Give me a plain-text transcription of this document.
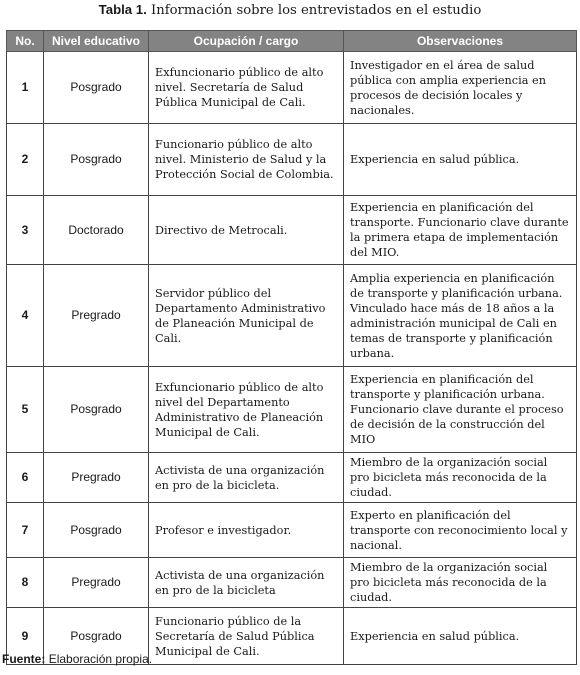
Tabla 1. Información sobre los entrevistados en el estudio
No.	Nivel educativo	Ocupación / cargo	Observaciones
1	Posgrado	Exfuncionario público de alto nivel. Secretaría de Salud Pública Municipal de Cali.	Investigador en el área de salud pública con amplia experiencia en procesos de decisión locales y nacionales.
2	Posgrado	Funcionario público de alto nivel. Ministerio de Salud y la Protección Social de Colombia.	Experiencia en salud pública.
3	Doctorado	Directivo de Metrocali.	Experiencia en planificación del transporte. Funcionario clave durante la primera etapa de implementación del MIO.
4	Pregrado	Servidor público del Departamento Administrativo de Planeación Municipal de Cali.	Amplia experiencia en planificación de transporte y planificación urbana. Vinculado hace más de 18 años a la administración municipal de Cali en temas de transporte y planificación urbana.
5	Posgrado	Exfuncionario público de alto nivel del Departamento Administrativo de Planeación Municipal de Cali.	Experiencia en planificación del transporte y planificación urbana. Funcionario clave durante el proceso de decisión de la construcción del MIO
6	Pregrado	Activista de una organización en pro de la bicicleta.	Miembro de la organización social pro bicicleta más reconocida de la ciudad.
7	Posgrado	Profesor e investigador.	Experto en planificación del transporte con reconocimiento local y nacional.
8	Pregrado	Activista de una organización en pro de la bicicleta	Miembro de la organización social pro bicicleta más reconocida de la ciudad.
9	Posgrado	Funcionario público de la Secretaría de Salud Pública Municipal de Cali.	Experiencia en salud pública.
Fuente: Elaboración propia.
